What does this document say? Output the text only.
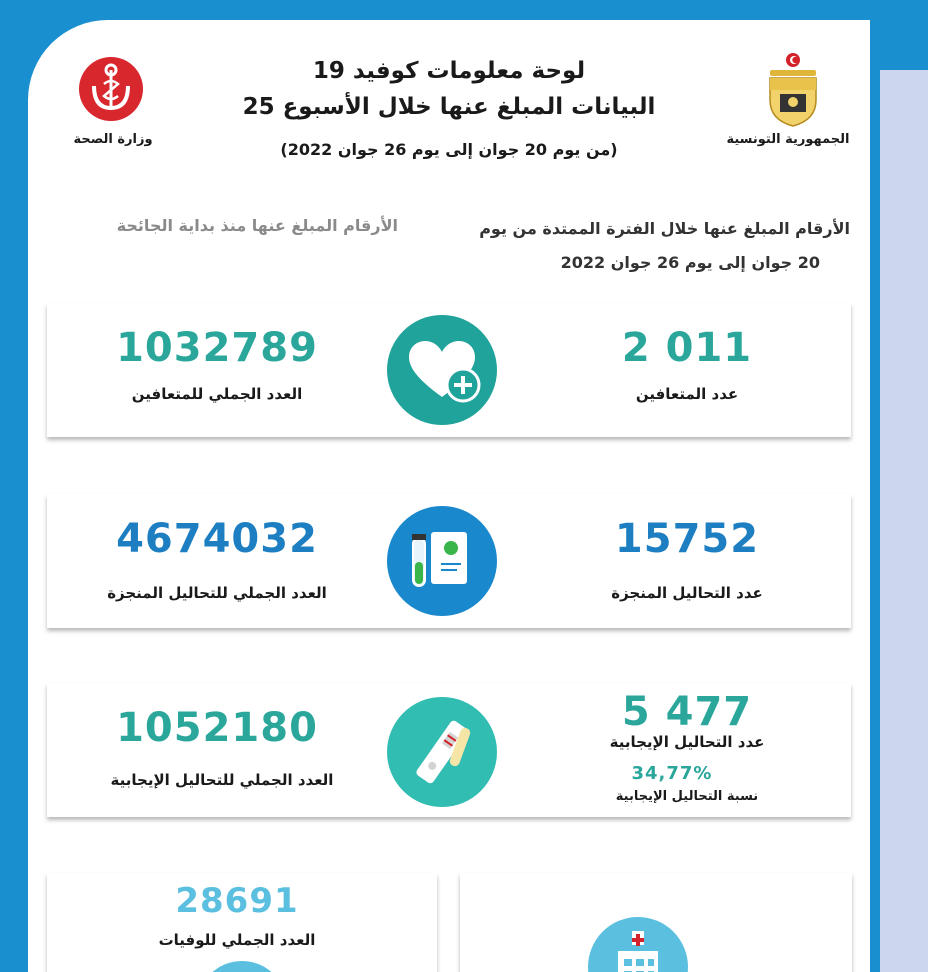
لوحة معلومات كوفيد 19
البيانات المبلغ عنها خلال الأسبوع 25
(من يوم 20 جوان إلى يوم 26 جوان 2022)
الجمهورية التونسية
وزارة الصحة
الأرقام المبلغ عنها خلال الفترة الممتدة من يوم
20 جوان إلى يوم 26 جوان 2022
الأرقام المبلغ عنها منذ بداية الجائحة
1032789
العدد الجملي للمتعافين
2 011
عدد المتعافين
4674032
العدد الجملي للتحاليل المنجزة
15752
عدد التحاليل المنجزة
1052180
العدد الجملي للتحاليل الإيجابية
5 477
عدد التحاليل الإيجابية
34,77%
نسبة التحاليل الإيجابية
28691
العدد الجملي للوفيات
